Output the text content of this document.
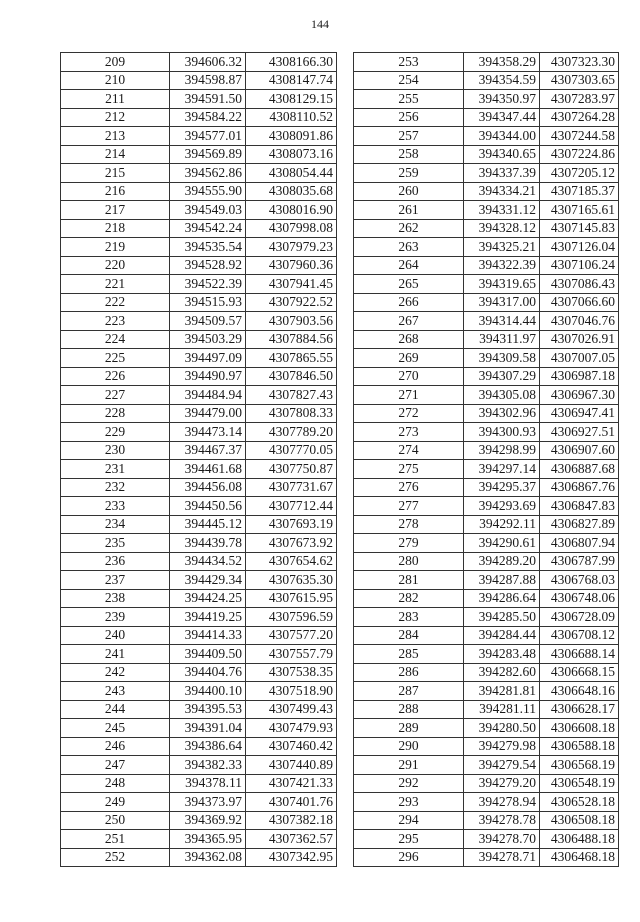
144
209	394606.32	4308166.30
210	394598.87	4308147.74
211	394591.50	4308129.15
212	394584.22	4308110.52
213	394577.01	4308091.86
214	394569.89	4308073.16
215	394562.86	4308054.44
216	394555.90	4308035.68
217	394549.03	4308016.90
218	394542.24	4307998.08
219	394535.54	4307979.23
220	394528.92	4307960.36
221	394522.39	4307941.45
222	394515.93	4307922.52
223	394509.57	4307903.56
224	394503.29	4307884.56
225	394497.09	4307865.55
226	394490.97	4307846.50
227	394484.94	4307827.43
228	394479.00	4307808.33
229	394473.14	4307789.20
230	394467.37	4307770.05
231	394461.68	4307750.87
232	394456.08	4307731.67
233	394450.56	4307712.44
234	394445.12	4307693.19
235	394439.78	4307673.92
236	394434.52	4307654.62
237	394429.34	4307635.30
238	394424.25	4307615.95
239	394419.25	4307596.59
240	394414.33	4307577.20
241	394409.50	4307557.79
242	394404.76	4307538.35
243	394400.10	4307518.90
244	394395.53	4307499.43
245	394391.04	4307479.93
246	394386.64	4307460.42
247	394382.33	4307440.89
248	394378.11	4307421.33
249	394373.97	4307401.76
250	394369.92	4307382.18
251	394365.95	4307362.57
252	394362.08	4307342.95
253	394358.29	4307323.30
254	394354.59	4307303.65
255	394350.97	4307283.97
256	394347.44	4307264.28
257	394344.00	4307244.58
258	394340.65	4307224.86
259	394337.39	4307205.12
260	394334.21	4307185.37
261	394331.12	4307165.61
262	394328.12	4307145.83
263	394325.21	4307126.04
264	394322.39	4307106.24
265	394319.65	4307086.43
266	394317.00	4307066.60
267	394314.44	4307046.76
268	394311.97	4307026.91
269	394309.58	4307007.05
270	394307.29	4306987.18
271	394305.08	4306967.30
272	394302.96	4306947.41
273	394300.93	4306927.51
274	394298.99	4306907.60
275	394297.14	4306887.68
276	394295.37	4306867.76
277	394293.69	4306847.83
278	394292.11	4306827.89
279	394290.61	4306807.94
280	394289.20	4306787.99
281	394287.88	4306768.03
282	394286.64	4306748.06
283	394285.50	4306728.09
284	394284.44	4306708.12
285	394283.48	4306688.14
286	394282.60	4306668.15
287	394281.81	4306648.16
288	394281.11	4306628.17
289	394280.50	4306608.18
290	394279.98	4306588.18
291	394279.54	4306568.19
292	394279.20	4306548.19
293	394278.94	4306528.18
294	394278.78	4306508.18
295	394278.70	4306488.18
296	394278.71	4306468.18
